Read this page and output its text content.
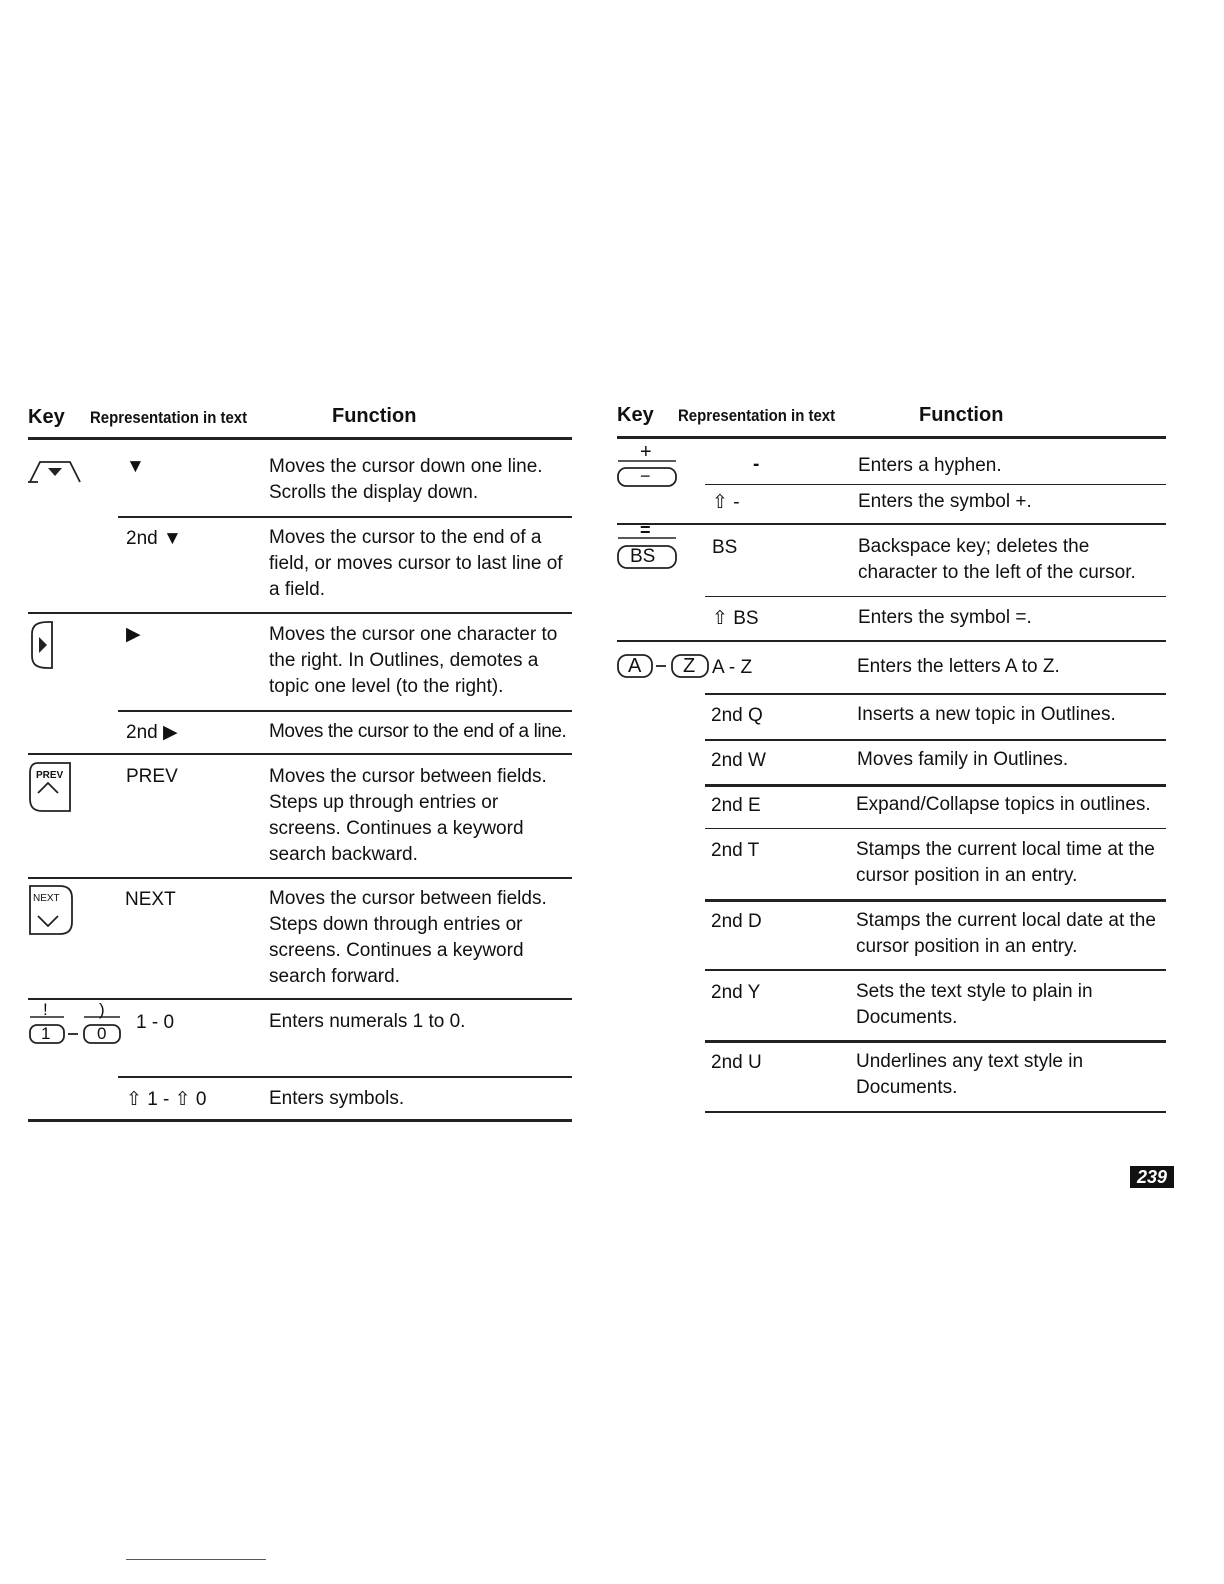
Key Representation in text	Function
▼	Moves the cursor down one line. Scrolls the display down.
2nd ▼	Moves the cursor to the end of a field, or moves cursor to last line of a field.
▶	Moves the cursor one character to the right. In Outlines, demotes a topic one level (to the right).
2nd ▶	Moves the cursor to the end of a line.
PREV	PREV	Moves the cursor between fields. Steps up through entries or screens. Continues a keyword search backward.
NEXT	NEXT	Moves the cursor between fields. Steps down through entries or screens. Continues a keyword search forward.
!
1
)
0
1 - 0	Enters numerals 1 to 0.
⇧ 1 - ⇧ 0	Enters symbols.
Key Representation in text	Function
+
−
-	Enters a hyphen.
⇧ -	Enters the symbol +.
=
BS	BS	Backspace key; deletes the character to the left of the cursor.
⇧ BS	Enters the symbol =.
A Z A - Z	Enters the letters A to Z.
2nd Q	Inserts a new topic in Outlines.
2nd W	Moves family in Outlines.
2nd E	Expand/Collapse topics in outlines.
2nd T	Stamps the current local time at the cursor position in an entry.
2nd D	Stamps the current local date at the cursor position in an entry.
2nd Y	Sets the text style to plain in Documents.
2nd U	Underlines any text style in Documents.
239
